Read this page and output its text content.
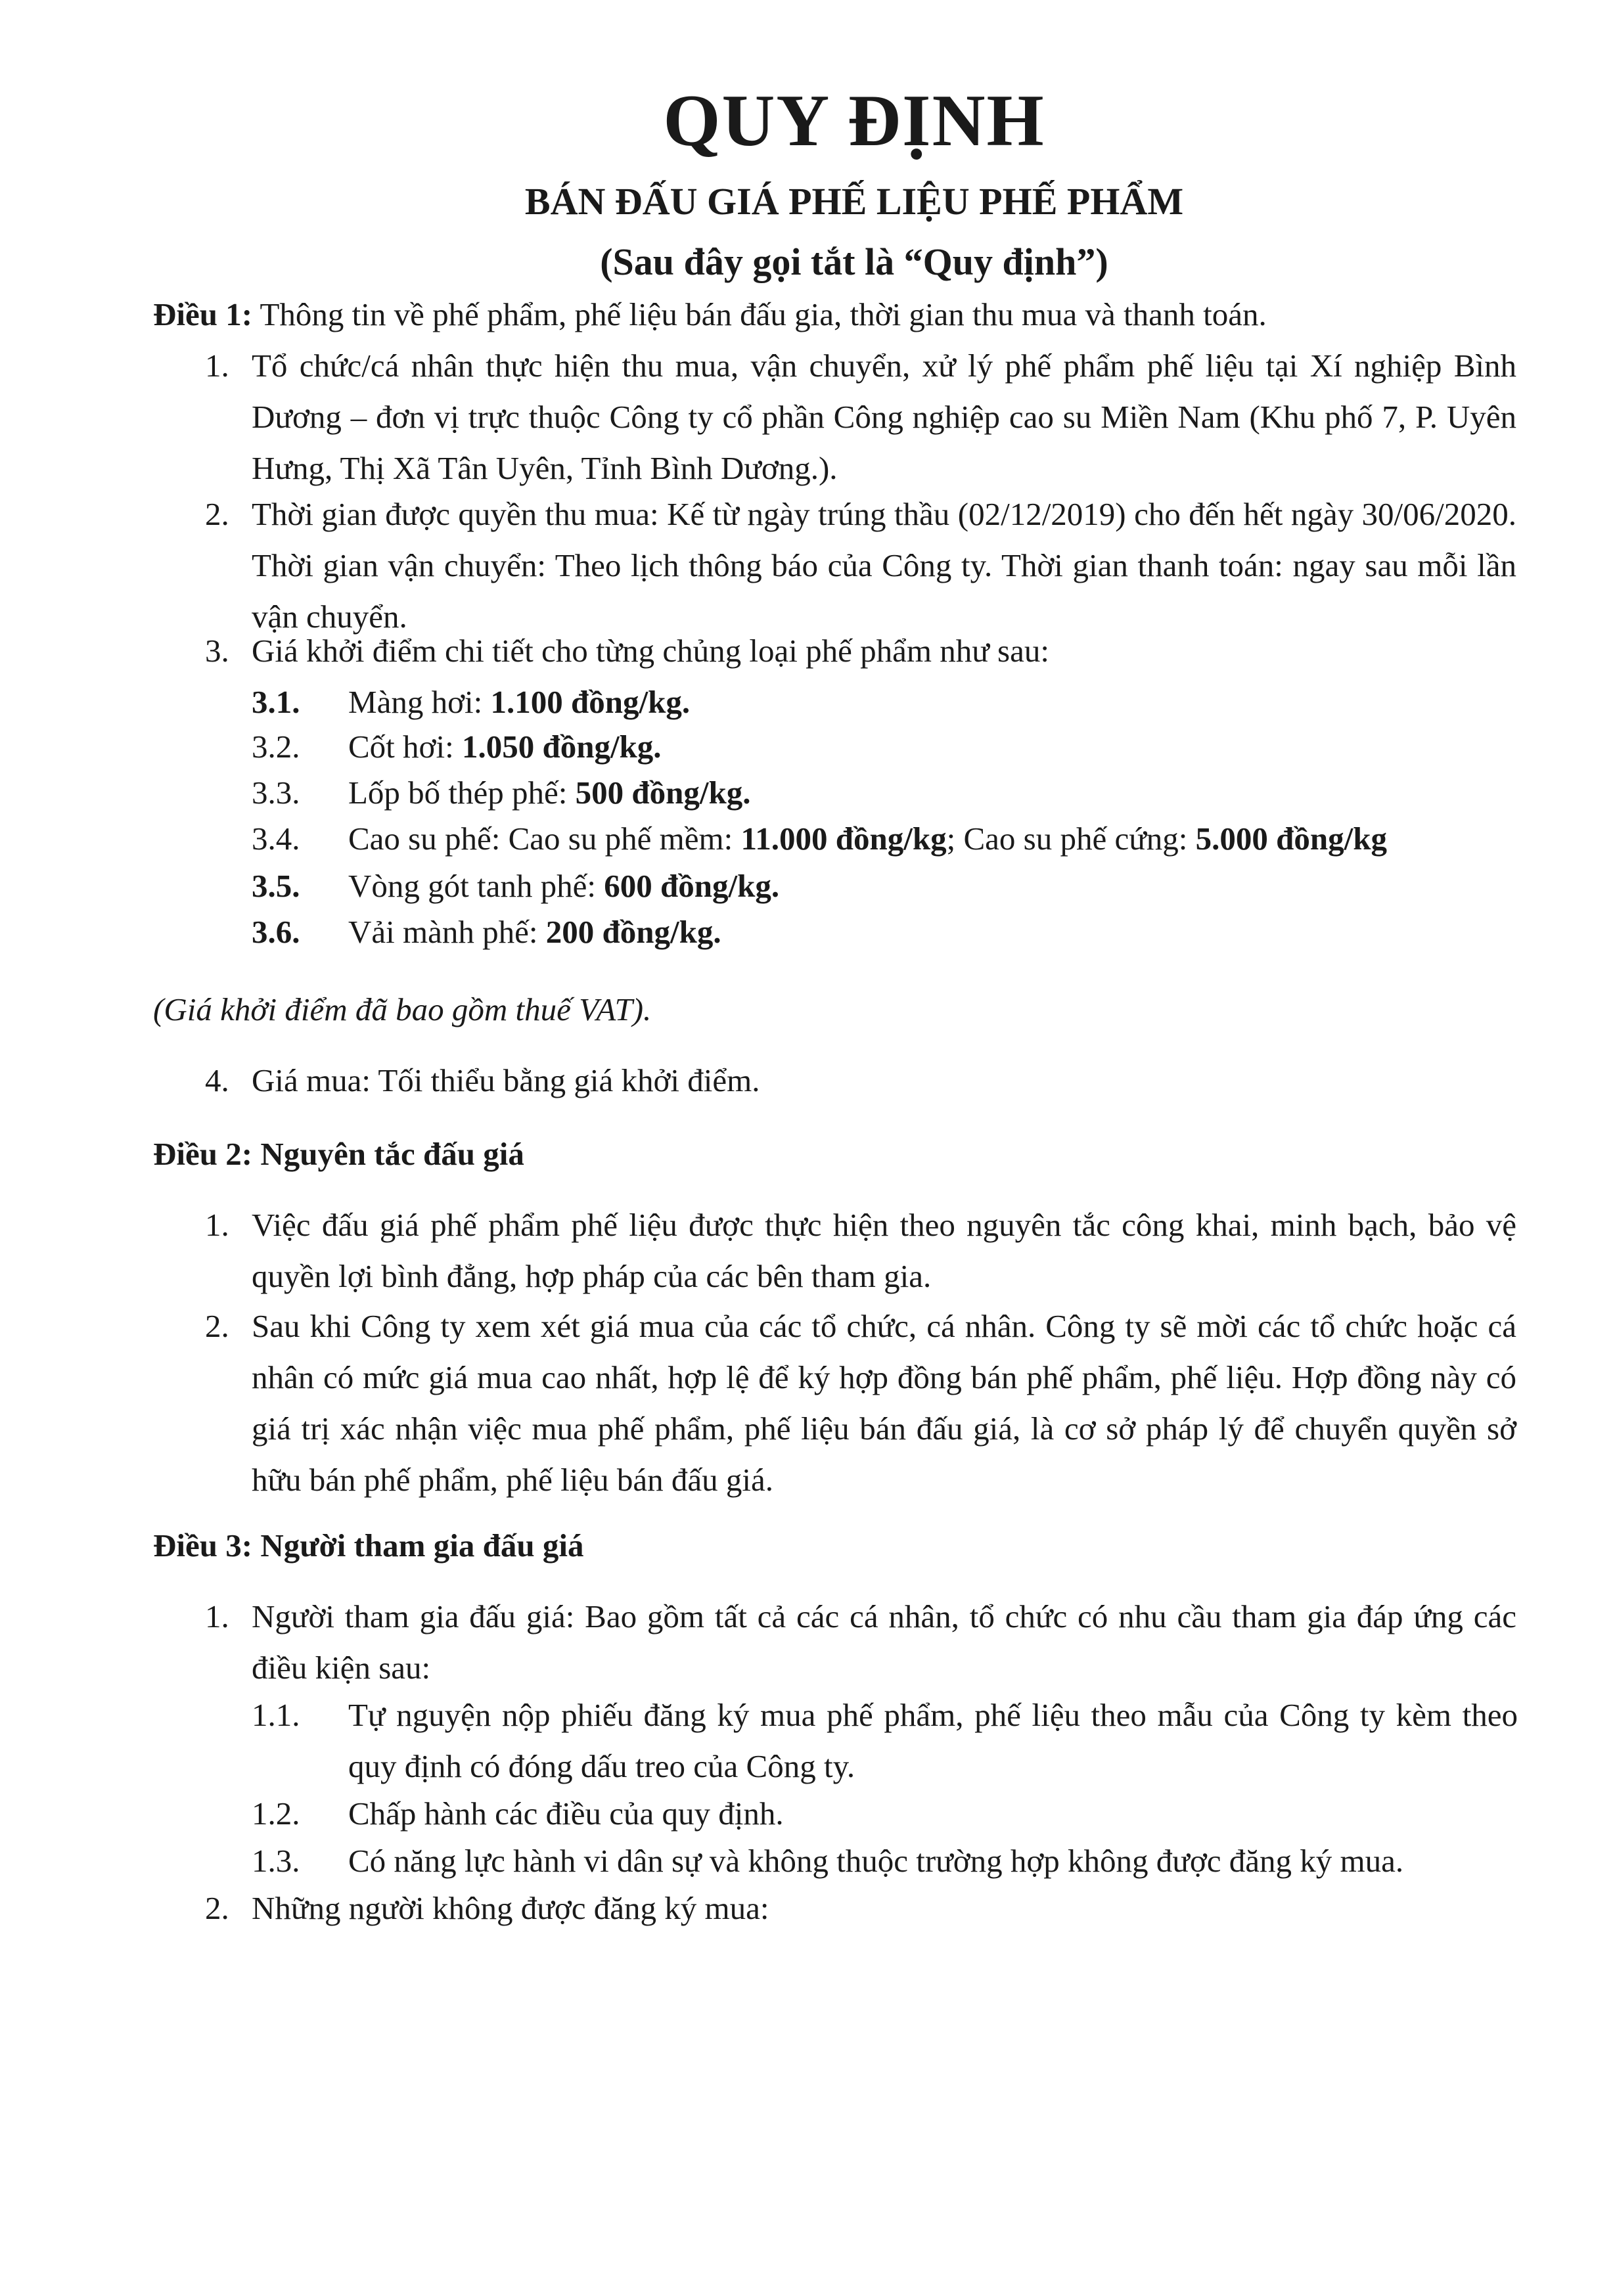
QUY ĐỊNH
BÁN ĐẤU GIÁ PHẾ LIỆU PHẾ PHẨM
(Sau đây gọi tắt là “Quy định”)
Điều 1: Thông tin về phế phẩm, phế liệu bán đấu gia, thời gian thu mua và thanh toán.
1. Tổ chức/cá nhân thực hiện thu mua, vận chuyển, xử lý phế phẩm phế liệu tại Xí nghiệp Bình Dương – đơn vị trực thuộc Công ty cổ phần Công nghiệp cao su Miền Nam (Khu phố 7, P. Uyên Hưng, Thị Xã Tân Uyên, Tỉnh Bình Dương.).
2. Thời gian được quyền thu mua: Kế từ ngày trúng thầu (02/12/2019) cho đến hết ngày 30/06/2020. Thời gian vận chuyển: Theo lịch thông báo của Công ty. Thời gian thanh toán: ngay sau mỗi lần vận chuyển.
3. Giá khởi điểm chi tiết cho từng chủng loại phế phẩm như sau:
3.1. Màng hơi: 1.100 đồng/kg.
3.2. Cốt hơi: 1.050 đồng/kg.
3.3. Lốp bố thép phế: 500 đồng/kg.
3.4. Cao su phế: Cao su phế mềm: 11.000 đồng/kg; Cao su phế cứng: 5.000 đồng/kg
3.5. Vòng gót tanh phế: 600 đồng/kg.
3.6. Vải mành phế: 200 đồng/kg.
(Giá khởi điểm đã bao gồm thuế VAT).
4. Giá mua: Tối thiểu bằng giá khởi điểm.
Điều 2: Nguyên tắc đấu giá
1. Việc đấu giá phế phẩm phế liệu được thực hiện theo nguyên tắc công khai, minh bạch, bảo vệ quyền lợi bình đẳng, hợp pháp của các bên tham gia.
2. Sau khi Công ty xem xét giá mua của các tổ chức, cá nhân. Công ty sẽ mời các tổ chức hoặc cá nhân có mức giá mua cao nhất, hợp lệ để ký hợp đồng bán phế phẩm, phế liệu. Hợp đồng này có giá trị xác nhận việc mua phế phẩm, phế liệu bán đấu giá, là cơ sở pháp lý để chuyển quyền sở hữu bán phế phẩm, phế liệu bán đấu giá.
Điều 3: Người tham gia đấu giá
1. Người tham gia đấu giá: Bao gồm tất cả các cá nhân, tổ chức có nhu cầu tham gia đáp ứng các điều kiện sau:
1.1. Tự nguyện nộp phiếu đăng ký mua phế phẩm, phế liệu theo mẫu của Công ty kèm theo quy định có đóng dấu treo của Công ty.
1.2. Chấp hành các điều của quy định.
1.3. Có năng lực hành vi dân sự và không thuộc trường hợp không được đăng ký mua.
2. Những người không được đăng ký mua:
